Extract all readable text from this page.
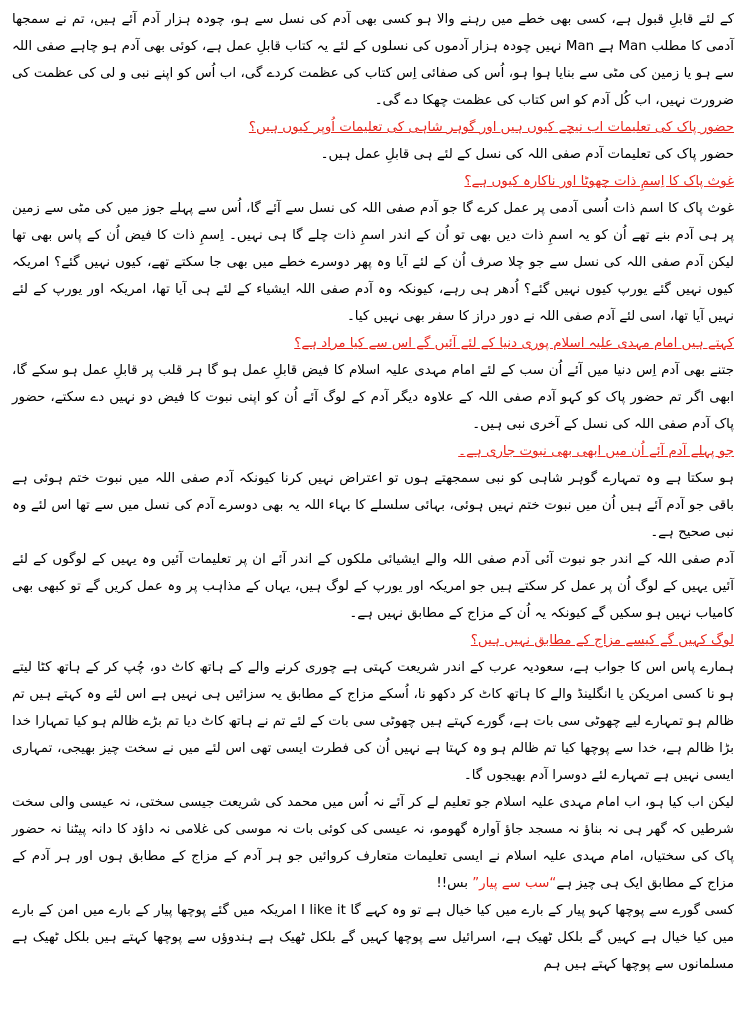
کے لئے قابلِ قبول ہے، کسی بھی خطے میں رہنے والا ہو کسی بھی آدم کی نسل سے ہو، چودہ ہزار آدم آئے ہیں، تم نے سمجھا آدمی کا مطلب Man ہے Man نہیں چودہ ہزار آدموں کی نسلوں کے لئے یہ کتاب قابلِ عمل ہے، کوئی بھی آدم ہو چاہے صفی اللہ سے ہو یا زمین کی مٹی سے بنایا ہوا ہو، اُس کی صفائی اِس کتاب کی عظمت کردے گی، اب اُس کو اپنے نبی و لی کی عظمت کی ضرورت نہیں، اب کُل آدم کو اس کتاب کی عظمت چھکا دے گی۔

حضور پاک کی تعلیمات اب نیچے کیوں ہیں اور گوہر شاہی کی تعلیمات اُوپر کیوں ہیں؟

حضور پاک کی تعلیمات آدم صفی اللہ کی نسل کے لئے ہی قابلِ عمل ہیں۔

غوث پاک کا اِسمِ ذات چھوٹا اور ناکارہ کیوں ہے؟

غوث پاک کا اسم ذات اُسی آدمی پر عمل کرے گا جو آدم صفی اللہ کی نسل سے آئے گا، اُس سے پہلے جوز میں کی مٹی سے زمین پر ہی آدم بنے تھے اُن کو یہ اسمِ ذات دیں بھی تو اُن کے اندر اسمِ ذات چلے گا ہی نہیں۔ اِسمِ ذات کا فیض اُن کے پاس بھی تھا لیکن آدم صفی اللہ کی نسل سے جو چلا صرف اُن کے لئے آیا وہ پھر دوسرے خطے میں بھی جا سکتے تھے، کیوں نہیں گئے؟ امریکہ کیوں نہیں گئے یورپ کیوں نہیں گئے؟ اُدھر ہی رہے، کیونکہ وہ آدم صفی اللہ ایشیاء کے لئے ہی آیا تھا، امریکہ اور یورپ کے لئے نہیں آیا تھا، اسی لئے آدم صفی اللہ نے دور دراز کا سفر بھی نہیں کیا۔

کہتے ہیں امام مہدی علیہ اسلام پوری دنیا کے لئے آئیں گے اس سے کیا مراد ہے؟

جتنے بھی آدم اِس دنیا میں آئے اُن سب کے لئے امام مہدی علیہ اسلام کا فیض قابلِ عمل ہو گا ہر قلب پر قابلِ عمل ہو سکے گا، ابھی اگر تم حضور پاک کو کہو آدم صفی اللہ کے علاوہ دیگر آدم کے لوگ آئے اُن کو اپنی نبوت کا فیض دو نہیں دے سکتے، حضور پاک آدم صفی اللہ کی نسل کے آخری نبی ہیں۔

جو پہلے آدم آئے اُن میں ابھی بھی نبوت جاری ہے۔

ہو سکتا ہے وہ تمہارے گوہر شاہی کو نبی سمجھتے ہوں تو اعتراض نہیں کرنا کیونکہ آدم صفی اللہ میں نبوت ختم ہوئی ہے باقی جو آدم آئے ہیں اُن میں نبوت ختم نہیں ہوئی، بہائی سلسلے کا بہاء اللہ یہ بھی دوسرے آدم کی نسل میں سے تھا اس لئے وہ نبی صحیح ہے۔

آدم صفی اللہ کے اندر جو نبوت آئی آدم صفی اللہ والے ایشیائی ملکوں کے اندر آئے ان پر تعلیمات آئیں وہ یہیں کے لوگوں کے لئے آئیں یہیں کے لوگ اُن پر عمل کر سکتے ہیں جو امریکہ اور یورپ کے لوگ ہیں، یہاں کے مذاہب پر وہ عمل کریں گے تو کبھی بھی کامیاب نہیں ہو سکیں گے کیونکہ یہ اُن کے مزاج کے مطابق نہیں ہے۔

لوگ کہیں گے کیسے مزاج کے مطابق نہیں ہیں؟

ہمارے پاس اس کا جواب ہے، سعودیہ عرب کے اندر شریعت کہتی ہے چوری کرنے والے کے ہاتھ کاٹ دو، چُپ کر کے ہاتھ کٹا لیتے ہو نا کسی امریکن یا انگلینڈ والے کا ہاتھ کاٹ کر دکھو نا، اُسکے مزاج کے مطابق یہ سزائیں ہی نہیں ہے اس لئے وہ کہتے ہیں تم ظالم ہو تمہارے لیے چھوٹی سی بات ہے، گورے کہتے ہیں چھوٹی سی بات کے لئے تم نے ہاتھ کاٹ دیا تم بڑے ظالم ہو کیا تمہارا خدا بڑا ظالم ہے، خدا سے پوچھا کیا تم ظالم ہو وہ کہتا ہے نہیں اُن کی فطرت ایسی تھی اس لئے میں نے سخت چیز بھیجی، تمہاری ایسی نہیں ہے تمہارے لئے دوسرا آدم بھیجوں گا۔

لیکن اب کیا ہو، اب امام مہدی علیہ اسلام جو تعلیم لے کر آئے نہ اُس میں محمد کی شریعت جیسی سختی، نہ عیسی والی سخت شرطیں کہ گھر ہی نہ بناؤ نہ مسجد جاؤ آوارہ گھومو، نہ عیسی کی کوئی بات نہ موسی کی غلامی نہ داؤد کا دانہ پیٹنا نہ حضور پاک کی سختیاں، امام مہدی علیہ اسلام نے ایسی تعلیمات متعارف کروائیں جو ہر آدم کے مزاج کے مطابق ہوں اور ہر آدم کے مزاج کے مطابق ایک ہی چیز ہے“سب سے پیار” بس!!

کسی گورے سے پوچھا کہو پیار کے بارے میں کیا خیال ہے تو وہ کہے گا I like it امریکہ میں گئے پوچھا پیار کے بارے میں امن کے بارے میں کیا خیال ہے کہیں گے بلکل ٹھیک ہے، اسرائیل سے پوچھا کہیں گے بلکل ٹھیک ہے ہندوؤں سے پوچھا کہتے ہیں بلکل ٹھیک ہے مسلمانوں سے پوچھا کہتے ہیں ہم
